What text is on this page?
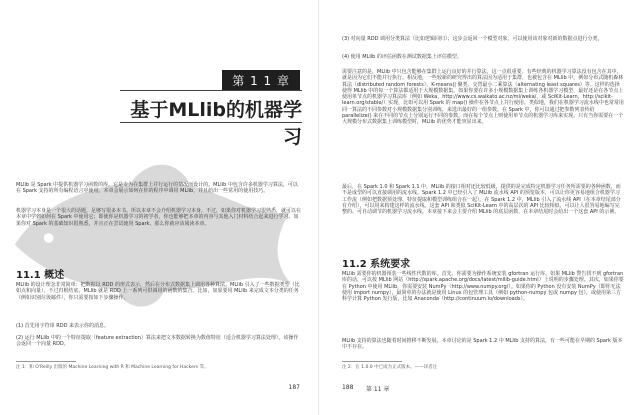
第 1 1 章
基于MLlib的机器学习
MLlib 是 Spark 中提供机器学习函数的库。它是专为在集群上并行运行的情况而设计的。MLlib 中包含许多机器学习算法，可以在 Spark 支持的所有编程语言中使用。本章会展示如何在你的程序中调用 MLlib，并且给出一些常用的使用技巧。
机器学习本身是一个很大的话题，足够写很多本书。所以本章不会介绍机器学习本身。不过，如果你对机器学习很熟悉，就可以在本章中学到如何在 Spark 中使用它；即使你是机器学习的初学者，你也能够把本章的内容与其他入门材料结合起来进行学习。如果你对 Spark 的基础知识很熟悉，并且正在尝试使用 Spark，那么你就应该阅读本章。
11.1 概述
MLlib 的设计理念非常简单：把数据以 RDD 的形式表示，然后在分布式数据集上调用各种算法。MLlib 引入了一些数据类型（比如点和向量），不过归根结底，MLlib 就是 RDD 上一系列可供调用的函数的集合。比如，如果要用 MLlib 来完成文本分类的任务（例如识别垃圾邮件），你只需要按如下步骤操作。
(1) 首先用字符串 RDD 来表示你的消息。
(2) 运行 MLlib 中的一个特征提取（feature extraction）算法来把文本数据转换为数值特征（适合机器学习算法处理），该操作会返回一个向量 RDD。
注 1：和 O'Reilly 出版的 Machine Learning with R 和 Machine Learning for Hackers 等。
187
(3) 对向量 RDD 调用分类算法（比如逻辑回归）；这步会返回一个模型对象，可以使用该对象对新的数据点进行分类。
(4) 使用 MLlib 的评估函数在测试数据集上评估模型。
需要注意的是，MLlib 中只包含能够在集群上运行良好的并行算法，这一点很重要。有些经典的机器学习算法没有包含在其中，就是因为它们不能并行执行。相反地，一些较新的研究得出的算法因为适用于集群，也被包含在 MLlib 中，例如分布式随机森林算法（distributed random forests）、K-means|| 聚类、交替最小二乘算法（alternating least squares）等。这样的选择使得 MLlib 中的每一个算法都适用于大规模数据集。如果你要在许多小规模数据集上训练各机器学习模型，最好还是在各节点上使用单节点的机器学习算法库（例如 Weka，http://www.cs.waikato.ac.nz/ml/weka/，或 SciKit-Learn，http://scikit-learn.org/stable/）实现，比如可以用 Spark 的 map() 操作在各节点上并行使用。类似地，我们在机器学习流水线中也常常用同一算法的不同参数对小规模数据集分别训练，来选出最好的一组参数。在 Spark 中，你可以通过把参数列表传给 parallelize() 来在不同的节点上分别运行不同的参数，而在每个节点上则使用单节点的机器学习库来实现。只有当你需要在一个大规模分布式数据集上训练模型时，MLlib 的优势才能突显出来。
最后，在 Spark 1.0 和 Spark 1.1 中，MLlib 的接口相对还比较低级，提供的是完成特定机器学习任务所需要的各种函数，而不是成型的可以直接调用的流水线。Spark 1.2 中已经引入了 MLlib 流水线 API 的预览版本，可以让你更容易地组合机器学习工作流（例如把数据预处理、特征提取和模型训练组合在一起）。在 Spark 1.2 中，MLlib 引入了流水线 API（在本章结尾部分有介绍），可以用来构建这样的流水线。这套 API 和类似 SciKit-Learn 中的高层次的 API 比较相似，可以让人很容易地编写完整的、可自动调节的机器学习流水线。本章接下来会主要介绍 MLlib 的底层函数，在本章结尾时会给出一个这套 API 的示例。
11.2 系统要求
MLlib 需要你的机器预装一些线性代数的库。首先，你需要为操作系统安装 gfortran 运行库。如果 MLlib 警告找不到 gfortran 库的话，可以按 MLlib 网站（http://spark.apache.org/docs/latest/mllib-guide.html）上说明的步骤处理。其次，如果你要在 Python 中使用 MLlib，你需要安装 NumPy（http://www.numpy.org/）。如果你的 Python 没有安装 NumPy（即你无法使用 import numpy），最简单的办法就是使用 Linux 的包管理工具（例如 python-numpy 包或 numpy 包），或使用第三方科学计算 Python 发行版，比如 Anaconda（http://continuum.io/downloads）。
MLlib 支持的算法也随着时间推移不断发展。本章讨论的是 Spark 1.2 中 MLlib 支持的算法，有一些可能在早期的 Spark 版本中不存在。
注 2：在 1.0.0 中已成为正式版本。——译者注
188 第 11 章
